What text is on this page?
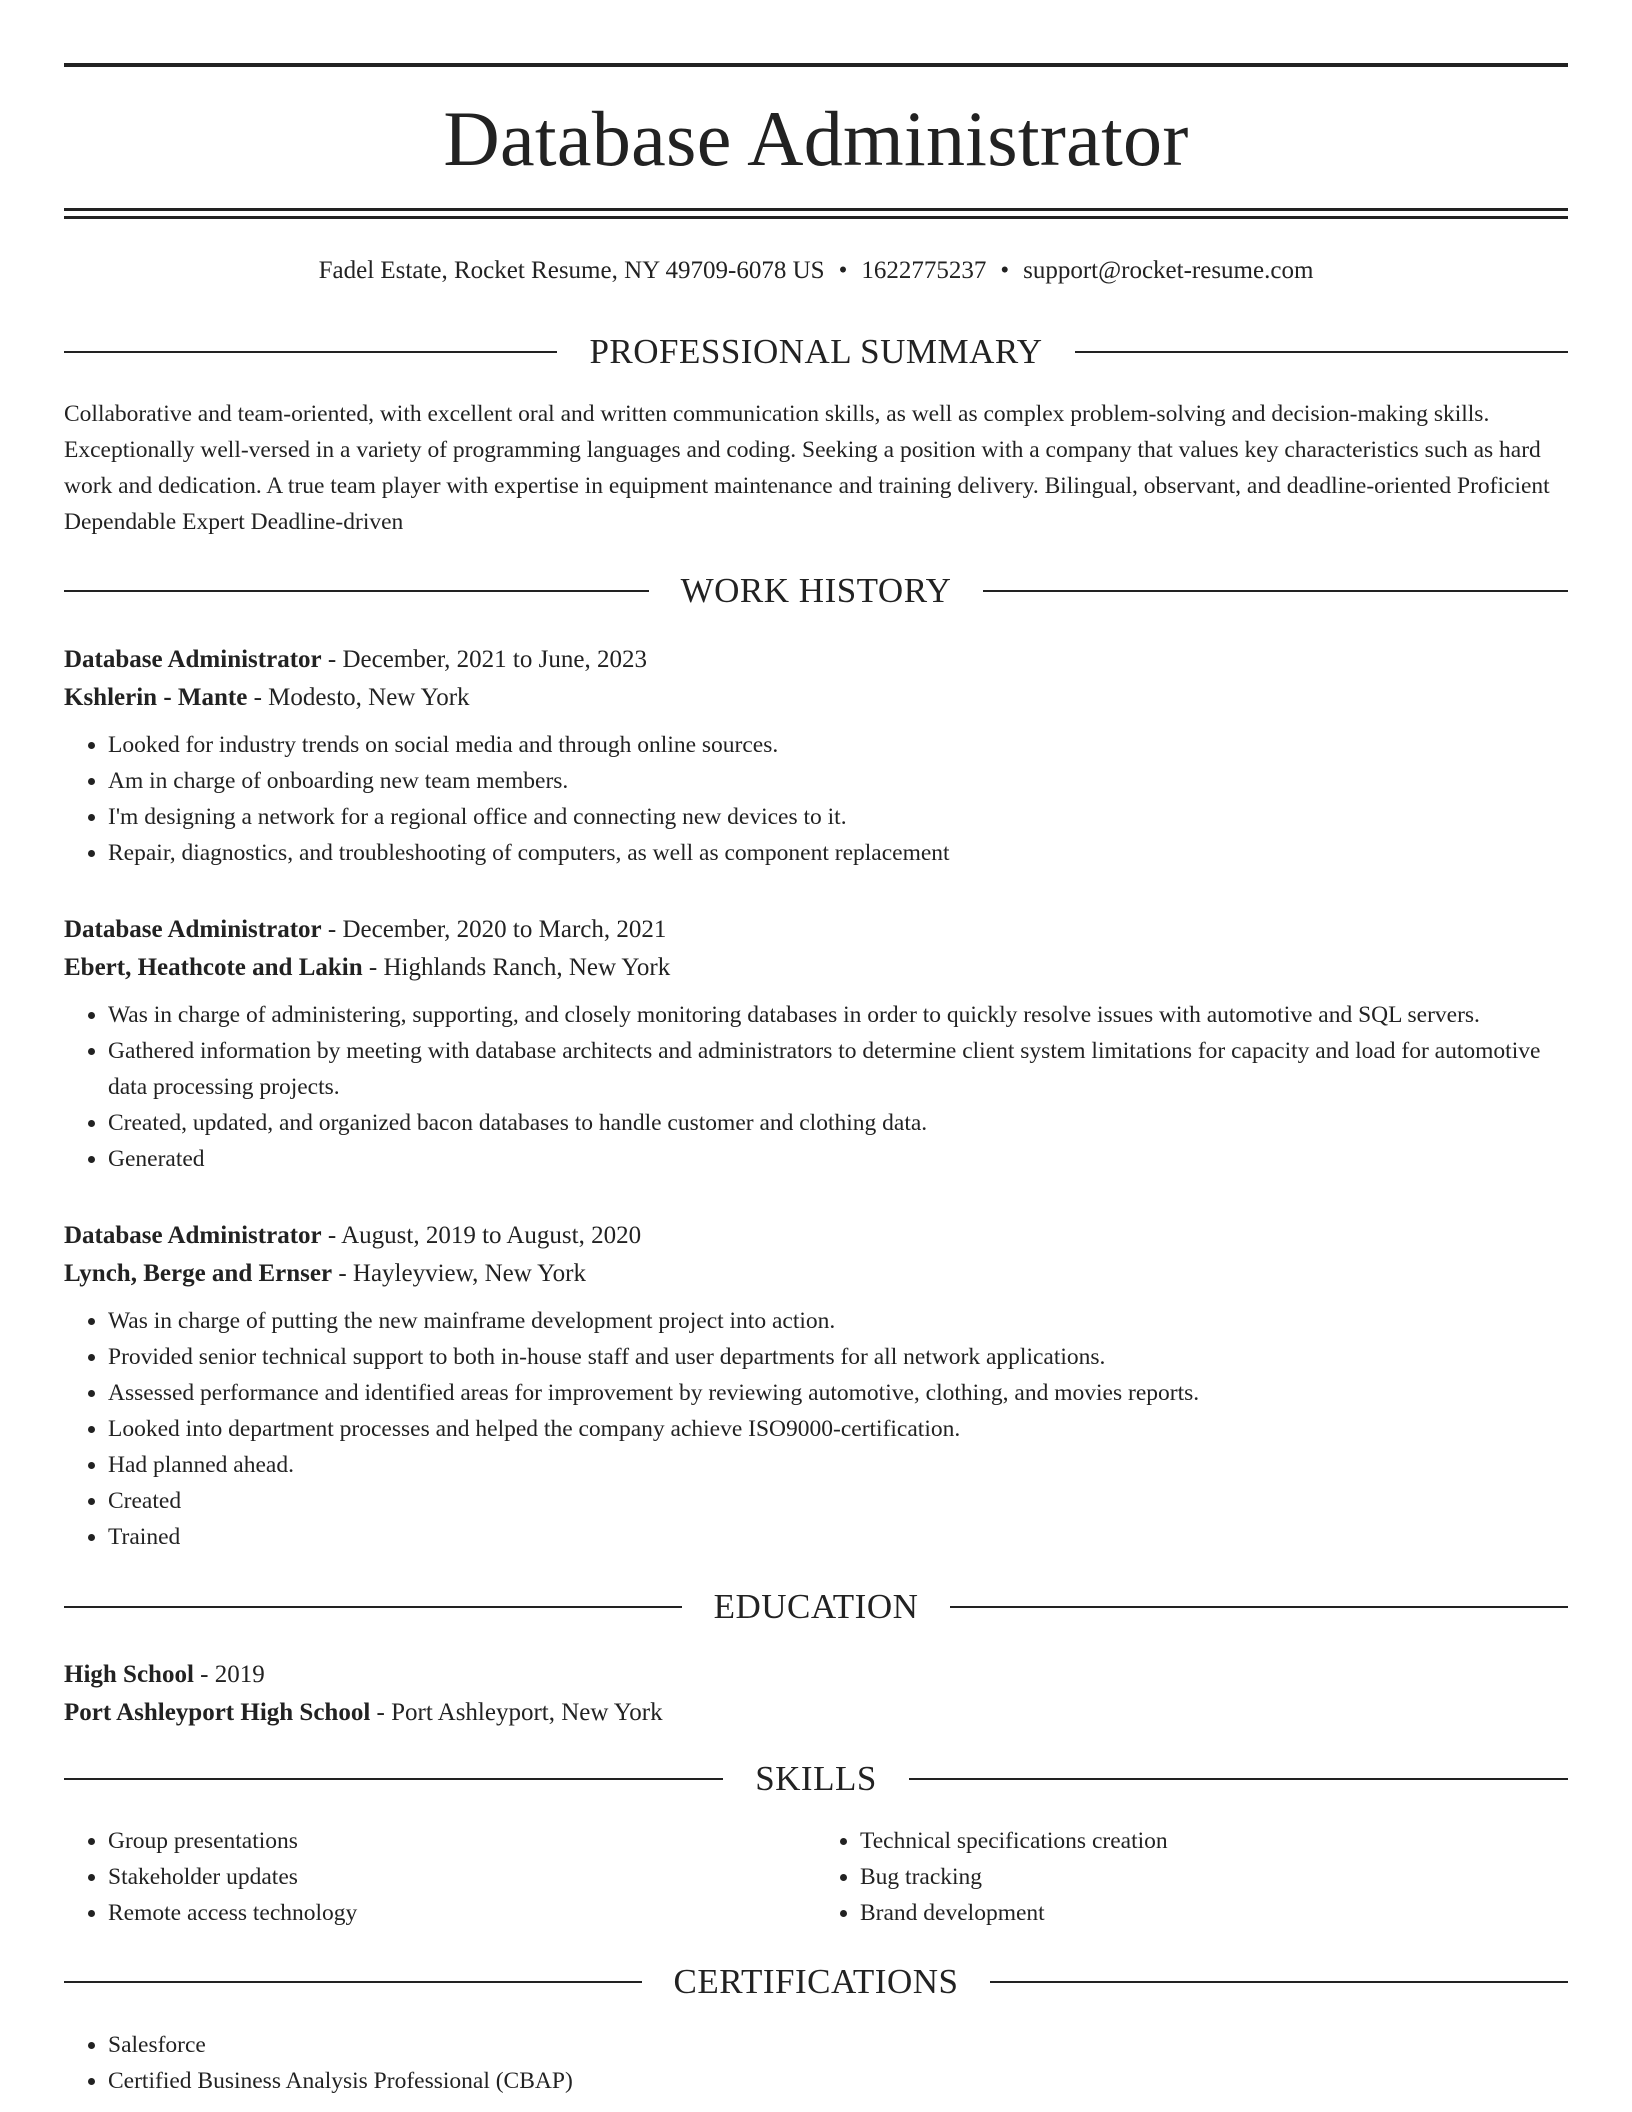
Database Administrator
Fadel Estate, Rocket Resume, NY 49709-6078 US • 1622775237 • support@rocket-resume.com
PROFESSIONAL SUMMARY

Collaborative and team-oriented, with excellent oral and written communication skills, as well as complex problem-solving and decision-making skills. Exceptionally well-versed in a variety of programming languages and coding. Seeking a position with a company that values key characteristics such as hard work and dedication. A true team player with expertise in equipment maintenance and training delivery. Bilingual, observant, and deadline-oriented Proficient Dependable Expert Deadline-driven

WORK HISTORY

Database Administrator - December, 2021 to June, 2023

Kshlerin - Mante - Modesto, New York

• Looked for industry trends on social media and through online sources.
• Am in charge of onboarding new team members.
• I'm designing a network for a regional office and connecting new devices to it.
• Repair, diagnostics, and troubleshooting of computers, as well as component replacement

Database Administrator - December, 2020 to March, 2021

Ebert, Heathcote and Lakin - Highlands Ranch, New York

• Was in charge of administering, supporting, and closely monitoring databases in order to quickly resolve issues with automotive and SQL servers.
• Gathered information by meeting with database architects and administrators to determine client system limitations for capacity and load for automotive data processing projects.
• Created, updated, and organized bacon databases to handle customer and clothing data.
• Generated

Database Administrator - August, 2019 to August, 2020

Lynch, Berge and Ernser - Hayleyview, New York

• Was in charge of putting the new mainframe development project into action.
• Provided senior technical support to both in-house staff and user departments for all network applications.
• Assessed performance and identified areas for improvement by reviewing automotive, clothing, and movies reports.
• Looked into department processes and helped the company achieve ISO9000-certification.
• Had planned ahead.
• Created
• Trained
EDUCATION

High School - 2019

Port Ashleyport High School - Port Ashleyport, New York

SKILLS
• Group presentations
• Stakeholder updates
• Remote access technology
• Technical specifications creation
• Bug tracking
• Brand development
CERTIFICATIONS
• Salesforce
• Certified Business Analysis Professional (CBAP)
